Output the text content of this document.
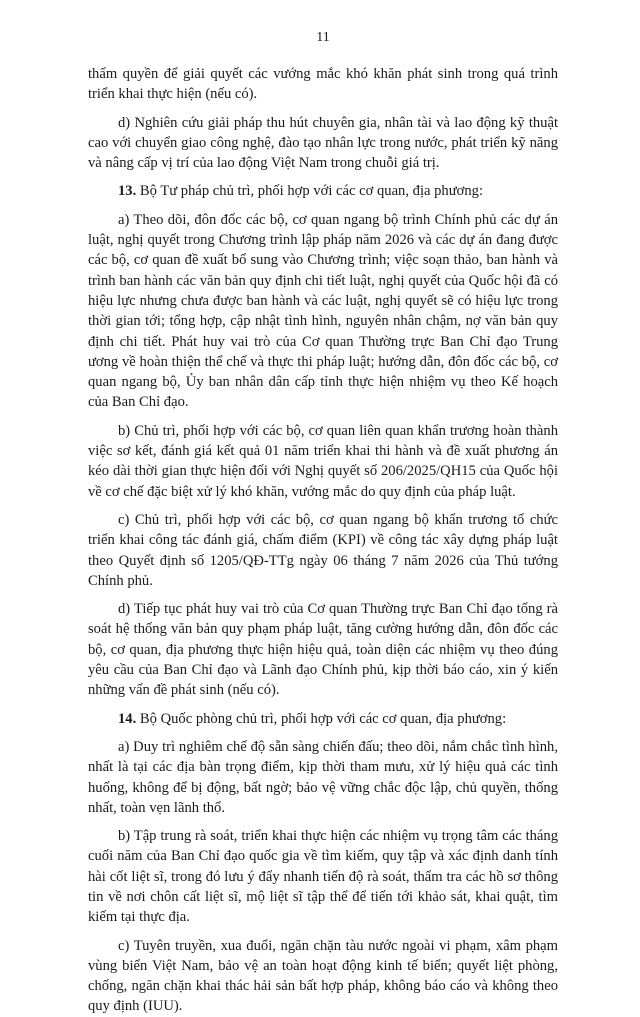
11

thẩm quyền để giải quyết các vướng mắc khó khăn phát sinh trong quá trình triển khai thực hiện (nếu có).

d) Nghiên cứu giải pháp thu hút chuyên gia, nhân tài và lao động kỹ thuật cao với chuyển giao công nghệ, đào tạo nhân lực trong nước, phát triển kỹ năng và nâng cấp vị trí của lao động Việt Nam trong chuỗi giá trị.

13. Bộ Tư pháp chủ trì, phối hợp với các cơ quan, địa phương:

a) Theo dõi, đôn đốc các bộ, cơ quan ngang bộ trình Chính phủ các dự án luật, nghị quyết trong Chương trình lập pháp năm 2026 và các dự án đang được các bộ, cơ quan đề xuất bổ sung vào Chương trình; việc soạn thảo, ban hành và trình ban hành các văn bản quy định chi tiết luật, nghị quyết của Quốc hội đã có hiệu lực nhưng chưa được ban hành và các luật, nghị quyết sẽ có hiệu lực trong thời gian tới; tổng hợp, cập nhật tình hình, nguyên nhân chậm, nợ văn bản quy định chi tiết. Phát huy vai trò của Cơ quan Thường trực Ban Chỉ đạo Trung ương về hoàn thiện thể chế và thực thi pháp luật; hướng dẫn, đôn đốc các bộ, cơ quan ngang bộ, Ủy ban nhân dân cấp tỉnh thực hiện nhiệm vụ theo Kế hoạch của Ban Chỉ đạo.

b) Chủ trì, phối hợp với các bộ, cơ quan liên quan khẩn trương hoàn thành việc sơ kết, đánh giá kết quả 01 năm triển khai thi hành và đề xuất phương án kéo dài thời gian thực hiện đối với Nghị quyết số 206/2025/QH15 của Quốc hội về cơ chế đặc biệt xử lý khó khăn, vướng mắc do quy định của pháp luật.

c) Chủ trì, phối hợp với các bộ, cơ quan ngang bộ khẩn trương tổ chức triển khai công tác đánh giá, chấm điểm (KPI) về công tác xây dựng pháp luật theo Quyết định số 1205/QĐ-TTg ngày 06 tháng 7 năm 2026 của Thủ tướng Chính phủ.

d) Tiếp tục phát huy vai trò của Cơ quan Thường trực Ban Chỉ đạo tổng rà soát hệ thống văn bản quy phạm pháp luật, tăng cường hướng dẫn, đôn đốc các bộ, cơ quan, địa phương thực hiện hiệu quả, toàn diện các nhiệm vụ theo đúng yêu cầu của Ban Chỉ đạo và Lãnh đạo Chính phủ, kịp thời báo cáo, xin ý kiến những vấn đề phát sinh (nếu có).

14. Bộ Quốc phòng chủ trì, phối hợp với các cơ quan, địa phương:

a) Duy trì nghiêm chế độ sẵn sàng chiến đấu; theo dõi, nắm chắc tình hình, nhất là tại các địa bàn trọng điểm, kịp thời tham mưu, xử lý hiệu quả các tình huống, không để bị động, bất ngờ; bảo vệ vững chắc độc lập, chủ quyền, thống nhất, toàn vẹn lãnh thổ.

b) Tập trung rà soát, triển khai thực hiện các nhiệm vụ trọng tâm các tháng cuối năm của Ban Chỉ đạo quốc gia về tìm kiếm, quy tập và xác định danh tính hài cốt liệt sĩ, trong đó lưu ý đẩy nhanh tiến độ rà soát, thẩm tra các hồ sơ thông tin về nơi chôn cất liệt sĩ, mộ liệt sĩ tập thể để tiến tới khảo sát, khai quật, tìm kiếm tại thực địa.

c) Tuyên truyền, xua đuổi, ngăn chặn tàu nước ngoài vi phạm, xâm phạm vùng biển Việt Nam, bảo vệ an toàn hoạt động kinh tế biển; quyết liệt phòng, chống, ngăn chặn khai thác hải sản bất hợp pháp, không báo cáo và không theo quy định (IUU).
